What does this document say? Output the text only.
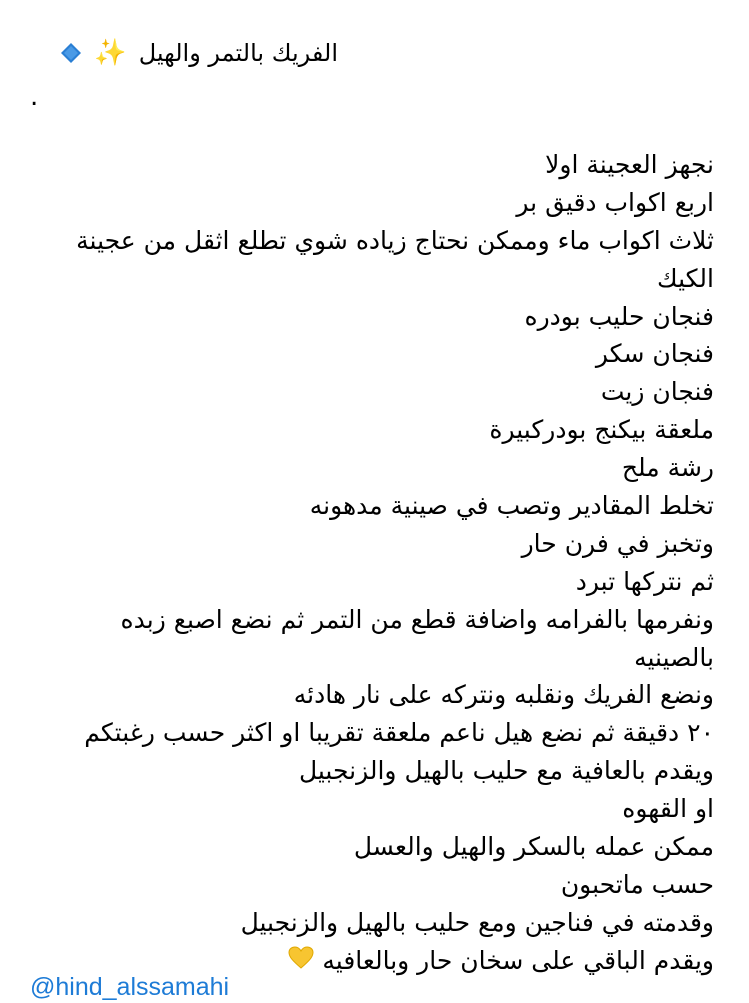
الفريك بالتمر والهيل
✨
.
نجهز العجينة اولا
اربع اكواب دقيق بر
ثلاث اكواب ماء وممكن نحتاج زياده شوي تطلع اثقل من عجينة
الكيك
فنجان حليب بودره
فنجان سكر
فنجان زيت
ملعقة بيكنج بودركبيرة
رشة ملح
تخلط المقادير وتصب في صينية مدهونه
وتخبز في فرن حار
ثم نتركها تبرد
ونفرمها بالفرامه واضافة قطع من التمر ثم نضع اصبع زبده
بالصينيه
ونضع الفريك ونقلبه ونتركه على نار هادئه
٢٠ دقيقة ثم نضع هيل ناعم ملعقة تقريبا او اكثر حسب رغبتكم
ويقدم بالعافية مع حليب بالهيل والزنجبيل
او القهوه
ممكن عمله بالسكر والهيل والعسل
حسب ماتحبون
وقدمته في فناجين ومع حليب بالهيل والزنجبيل
ويقدم الباقي على سخان حار وبالعافيه
@hind_alssamahi
